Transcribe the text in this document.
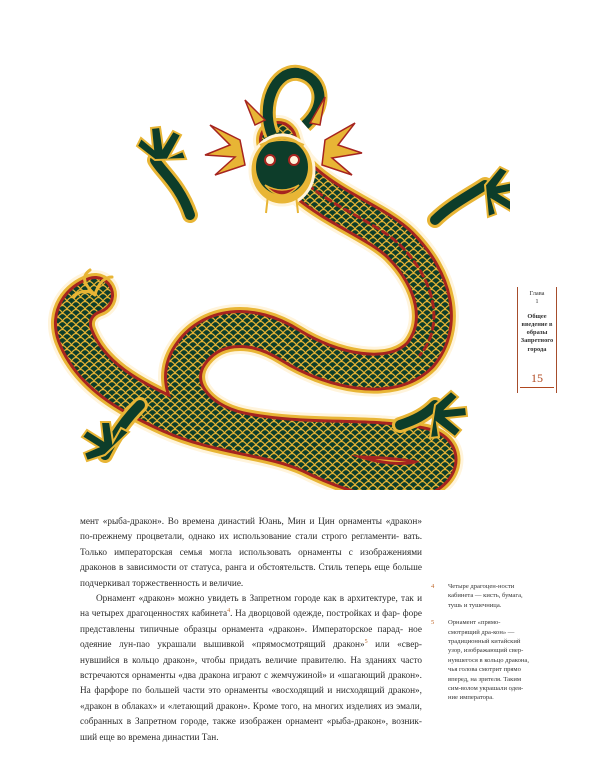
Глава
1
Общее введение в образы Запретного города
15

мент «рыба-дракон». Во времена династий Юань, Мин и Цин орнаменты «дракон» по-прежнему процветали, однако их использование стали строго регламенти- вать. Только императорская семья могла использовать орнаменты с изображениями драконов в зависимости от статуса, ранга и обстоятельств. Стиль теперь еще больше подчеркивал торжественность и величие.

Орнамент «дракон» можно увидеть в Запретном городе как в архитектуре, так и на четырех драгоценностях кабинета$^4$. На дворцовой одежде, постройках и фар- форе представлены типичные образцы орнамента «дракон». Императорское парад- ное одеяние лун-пао украшали вышивкой «прямосмотрящий дракон»$^5$ или «свер- нувшийся в кольцо дракон», чтобы придать величие правителю. На зданиях часто встречаются орнаменты «два дракона играют с жемчужиной» и «шагающий дракон». На фарфоре по большей части это орнаменты «восходящий и нисходящий дракон», «дракон в облаках» и «летающий дракон». Кроме того, на многих изделиях из эмали, собранных в Запретном городе, также изображен орнамент «рыба-дракон», возник- ший еще во времена династии Тан.

4 Четыре драгоцен-ности кабинета — кисть, бумага, тушь и тушечница.
5 Орнамент «прямо-смотрящий дра-кон» — традиционный китайский узор, изображающий свер-нувшегося в кольцо дракона, чья голова смотрит прямо вперед, на зрителя. Таким сим-волом украшали одея-ние императора.
